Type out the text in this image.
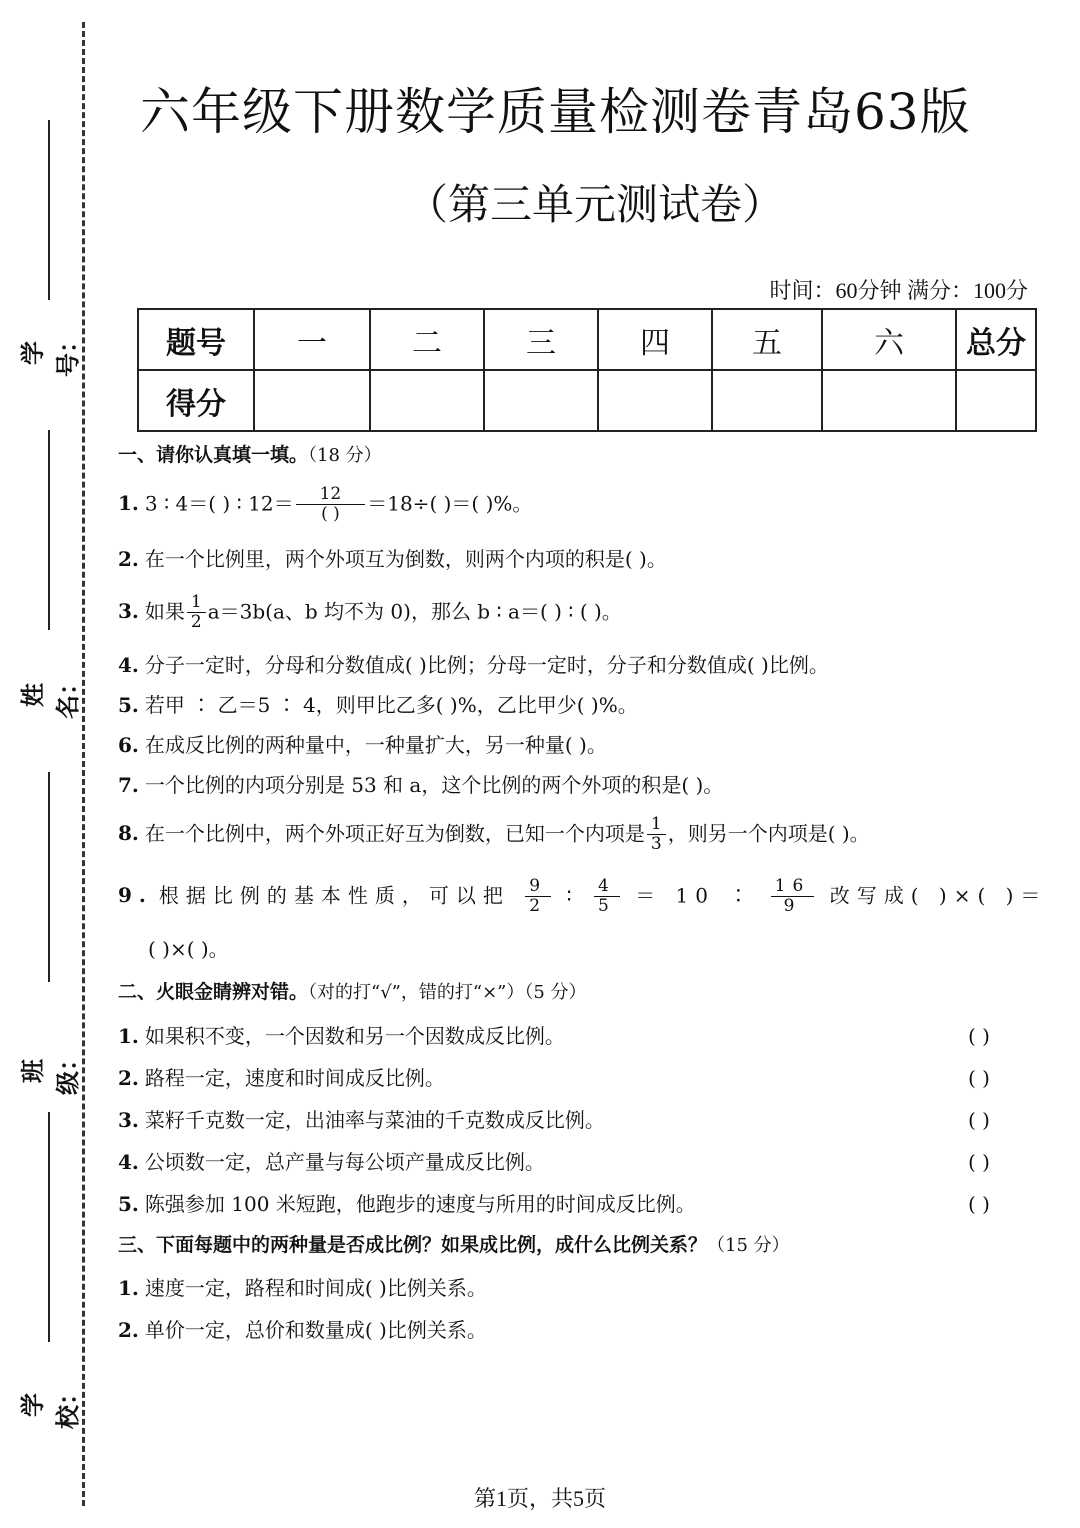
学号：
姓名：
班级：
学校：
六年级下册数学质量检测卷青岛63版
（第三单元测试卷）
时间：60分钟 满分：100分
题号	一	二	三	四	五	六	总分
得分							
一、请你认真填一填。（18 分）
1. 3 ∶ 4＝( ) ∶ $12= \frac{12}{( )} =18\div$( )＝( )%。
2. 在一个比例里，两个外项互为倒数，则两个内项的积是( )。
3. 如果 $\frac{1}{2} a=3b(a$、b 均不为 0)，那么 b ∶ a＝( ) ∶ ( )。
4. 分子一定时，分母和分数值成( )比例；分母一定时，分子和分数值成( )比例。
5. 若甲 ∶ 乙＝5 ∶ 4，则甲比乙多( )%，乙比甲少( )%。
6. 在成反比例的两种量中，一种量扩大，另一种量( )。
7. 一个比例的内项分别是 53 和 a，这个比例的两个外项的积是( )。
8. 在一个比例中，两个外项正好互为倒数，已知一个内项是 $\frac{1}{3}$ ，则另一个内项是( )。
9. 根据比例的基本性质，可以把 $\frac{9}{2}$ ∶ $\frac{4}{5} = 10$ ∶ $\frac{16}{9}$ 改写成( )×( )＝
( )×( )。
二、火眼金睛辨对错。（对的打“√”，错的打“×”）（5 分）
1. 如果积不变，一个因数和另一个因数成反比例。	( )
2. 路程一定，速度和时间成反比例。	( )
3. 菜籽千克数一定，出油率与菜油的千克数成反比例。	( )
4. 公顷数一定，总产量与每公顷产量成反比例。	( )
5. 陈强参加 100 米短跑，他跑步的速度与所用的时间成反比例。	( )
三、下面每题中的两种量是否成比例？如果成比例，成什么比例关系？（15 分）
1. 速度一定，路程和时间成( )比例关系。
2. 单价一定，总价和数量成( )比例关系。
第1页，共5页
